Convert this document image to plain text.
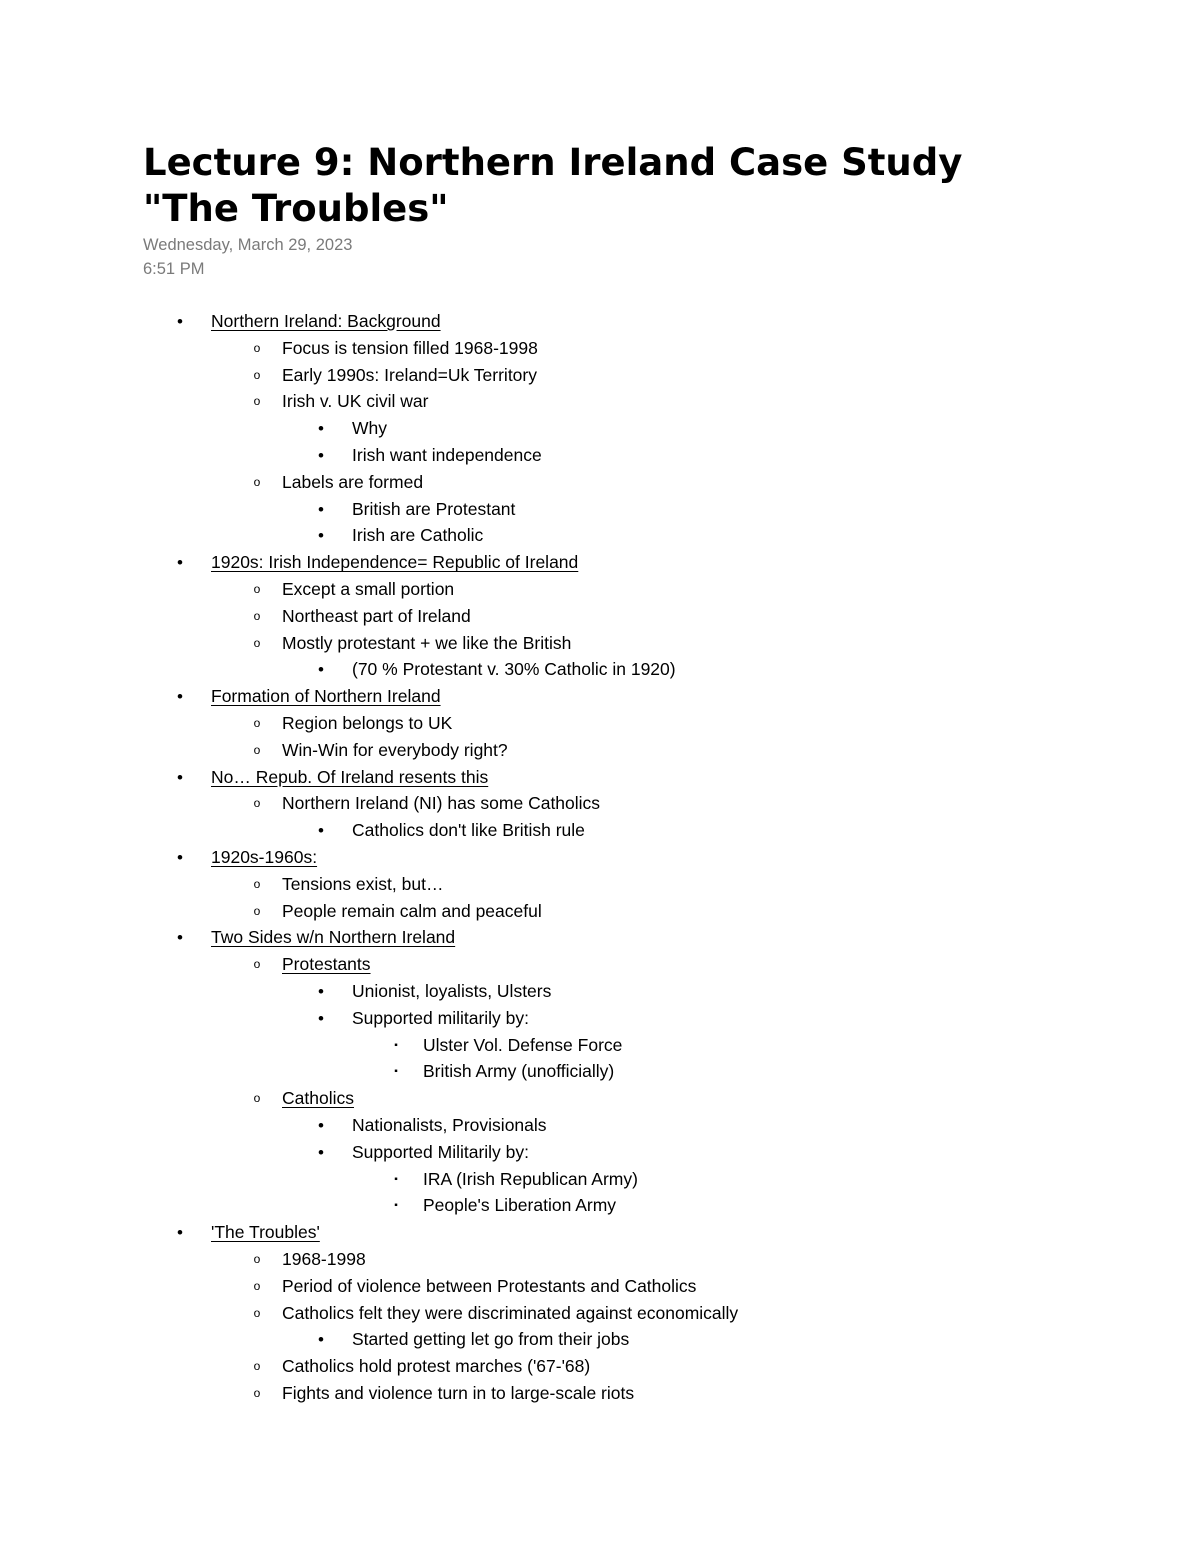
Lecture 9: Northern Ireland Case Study
"The Troubles"
Wednesday, March 29, 2023
6:51 PM
•	Northern Ireland: Background
o	Focus is tension filled 1968-1998
o	Early 1990s: Ireland=Uk Territory
o	Irish v. UK civil war
•	Why
•	Irish want independence
o	Labels are formed
•	British are Protestant
•	Irish are Catholic
•	1920s: Irish Independence= Republic of Ireland
o	Except a small portion
o	Northeast part of Ireland
o	Mostly protestant + we like the British
•	(70 % Protestant v. 30% Catholic in 1920)
•	Formation of Northern Ireland
o	Region belongs to UK
o	Win-Win for everybody right?
•	No… Repub. Of Ireland resents this
o	Northern Ireland (NI) has some Catholics
•	Catholics don't like British rule
•	1920s-1960s:
o	Tensions exist, but…
o	People remain calm and peaceful
•	Two Sides w/n Northern Ireland
o	Protestants
•	Unionist, loyalists, Ulsters
•	Supported militarily by:
▪	Ulster Vol. Defense Force
▪	British Army (unofficially)
o	Catholics
•	Nationalists, Provisionals
•	Supported Militarily by:
▪	IRA (Irish Republican Army)
▪	People's Liberation Army
•	'The Troubles'
o	1968-1998
o	Period of violence between Protestants and Catholics
o	Catholics felt they were discriminated against economically
•	Started getting let go from their jobs
o	Catholics hold protest marches ('67-'68)
o	Fights and violence turn in to large-scale riots
